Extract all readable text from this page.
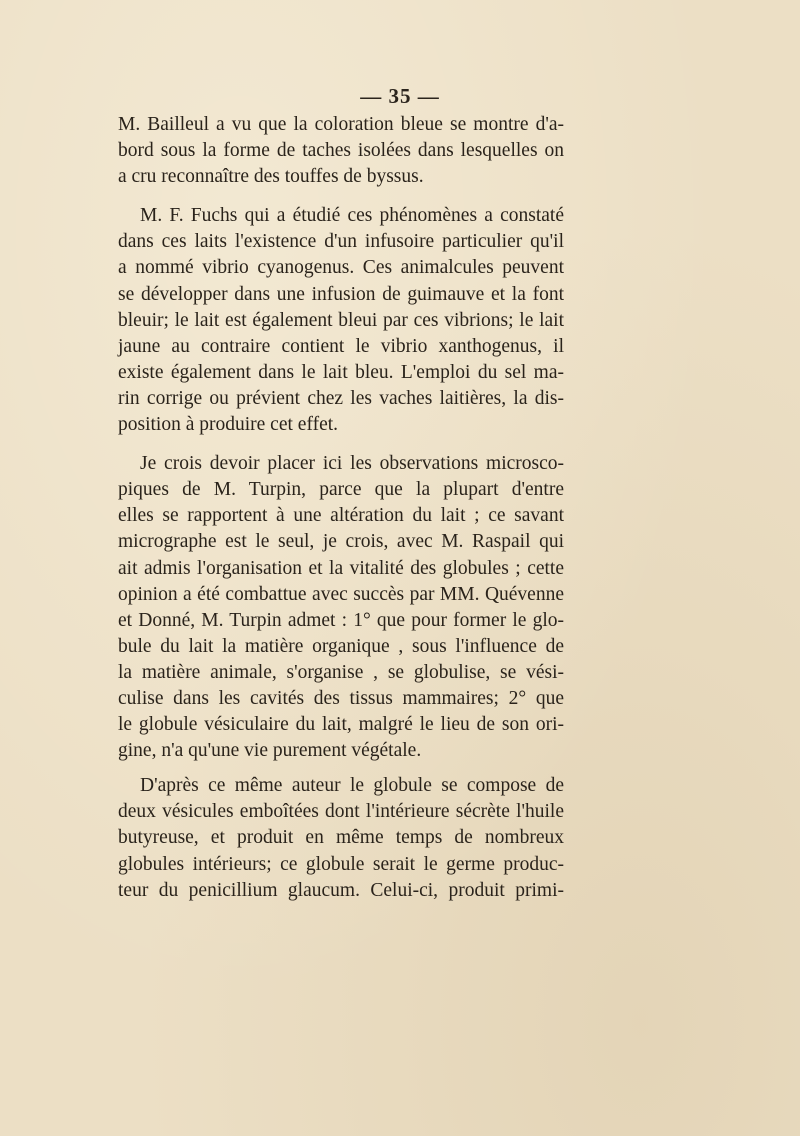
— 35 —
M. Bailleul a vu que la coloration bleue se montre d'a-
bord sous la forme de taches isolées dans lesquelles on
a cru reconnaître des touffes de byssus.
M. F. Fuchs qui a étudié ces phénomènes a constaté
dans ces laits l'existence d'un infusoire particulier qu'il
a nommé vibrio cyanogenus. Ces animalcules peuvent
se développer dans une infusion de guimauve et la font
bleuir; le lait est également bleui par ces vibrions; le lait
jaune au contraire contient le vibrio xanthogenus, il
existe également dans le lait bleu. L'emploi du sel ma-
rin corrige ou prévient chez les vaches laitières, la dis-
position à produire cet effet.
Je crois devoir placer ici les observations microsco-
piques de M. Turpin, parce que la plupart d'entre
elles se rapportent à une altération du lait ; ce savant
micrographe est le seul, je crois, avec M. Raspail qui
ait admis l'organisation et la vitalité des globules ; cette
opinion a été combattue avec succès par MM. Quévenne
et Donné, M. Turpin admet : 1° que pour former le glo-
bule du lait la matière organique , sous l'influence de
la matière animale, s'organise , se globulise, se vési-
culise dans les cavités des tissus mammaires; 2° que
le globule vésiculaire du lait, malgré le lieu de son ori-
gine, n'a qu'une vie purement végétale.
D'après ce même auteur le globule se compose de
deux vésicules emboîtées dont l'intérieure sécrète l'huile
butyreuse, et produit en même temps de nombreux
globules intérieurs; ce globule serait le germe produc-
teur du penicillium glaucum. Celui-ci, produit primi-
